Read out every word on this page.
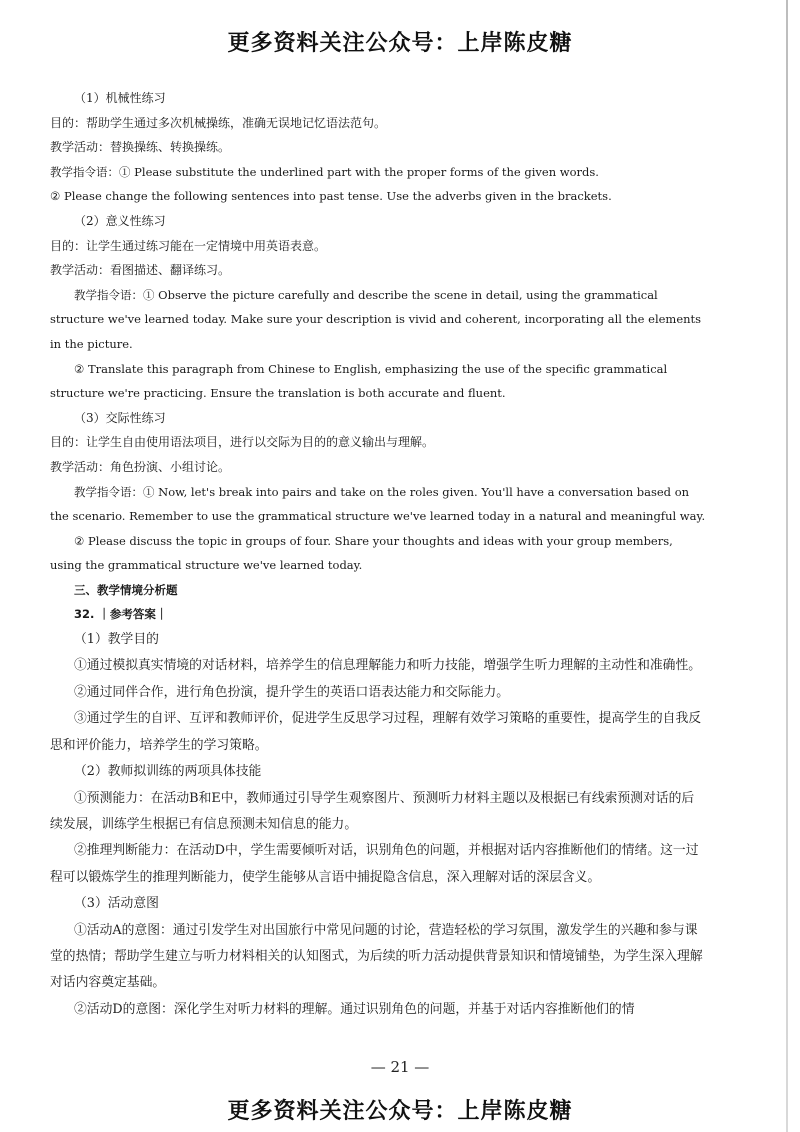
更多资料关注公众号：上岸陈皮糖

（1）机械性练习

目的：帮助学生通过多次机械操练，准确无误地记忆语法范句。

教学活动：替换操练、转换操练。

教学指令语：① Please substitute the underlined part with the proper forms of the given words.

② Please change the following sentences into past tense. Use the adverbs given in the brackets.

（2）意义性练习

目的：让学生通过练习能在一定情境中用英语表意。

教学活动：看图描述、翻译练习。

教学指令语：① Observe the picture carefully and describe the scene in detail, using the grammatical structure we've learned today. Make sure your description is vivid and coherent, incorporating all the elements in the picture.

② Translate this paragraph from Chinese to English, emphasizing the use of the specific grammatical structure we're practicing. Ensure the translation is both accurate and fluent.

（3）交际性练习

目的：让学生自由使用语法项目，进行以交际为目的的意义输出与理解。

教学活动：角色扮演、小组讨论。

教学指令语：① Now, let's break into pairs and take on the roles given. You'll have a conversation based on the scenario. Remember to use the grammatical structure we've learned today in a natural and meaningful way.

② Please discuss the topic in groups of four. Share your thoughts and ideas with your group members, using the grammatical structure we've learned today.

三、教学情境分析题

32. ｜参考答案｜

（1）教学目的

①通过模拟真实情境的对话材料，培养学生的信息理解能力和听力技能，增强学生听力理解的主动性和准确性。

②通过同伴合作，进行角色扮演，提升学生的英语口语表达能力和交际能力。

③通过学生的自评、互评和教师评价，促进学生反思学习过程，理解有效学习策略的重要性，提高学生的自我反思和评价能力，培养学生的学习策略。

（2）教师拟训练的两项具体技能

①预测能力：在活动B和E中，教师通过引导学生观察图片、预测听力材料主题以及根据已有线索预测对话的后续发展，训练学生根据已有信息预测未知信息的能力。

②推理判断能力：在活动D中，学生需要倾听对话，识别角色的问题，并根据对话内容推断他们的情绪。这一过程可以锻炼学生的推理判断能力，使学生能够从言语中捕捉隐含信息，深入理解对话的深层含义。

（3）活动意图

①活动A的意图：通过引发学生对出国旅行中常见问题的讨论，营造轻松的学习氛围，激发学生的兴趣和参与课堂的热情；帮助学生建立与听力材料相关的认知图式，为后续的听力活动提供背景知识和情境铺垫，为学生深入理解对话内容奠定基础。

②活动D的意图：深化学生对听力材料的理解。通过识别角色的问题，并基于对话内容推断他们的情

— 21 —
更多资料关注公众号：上岸陈皮糖
